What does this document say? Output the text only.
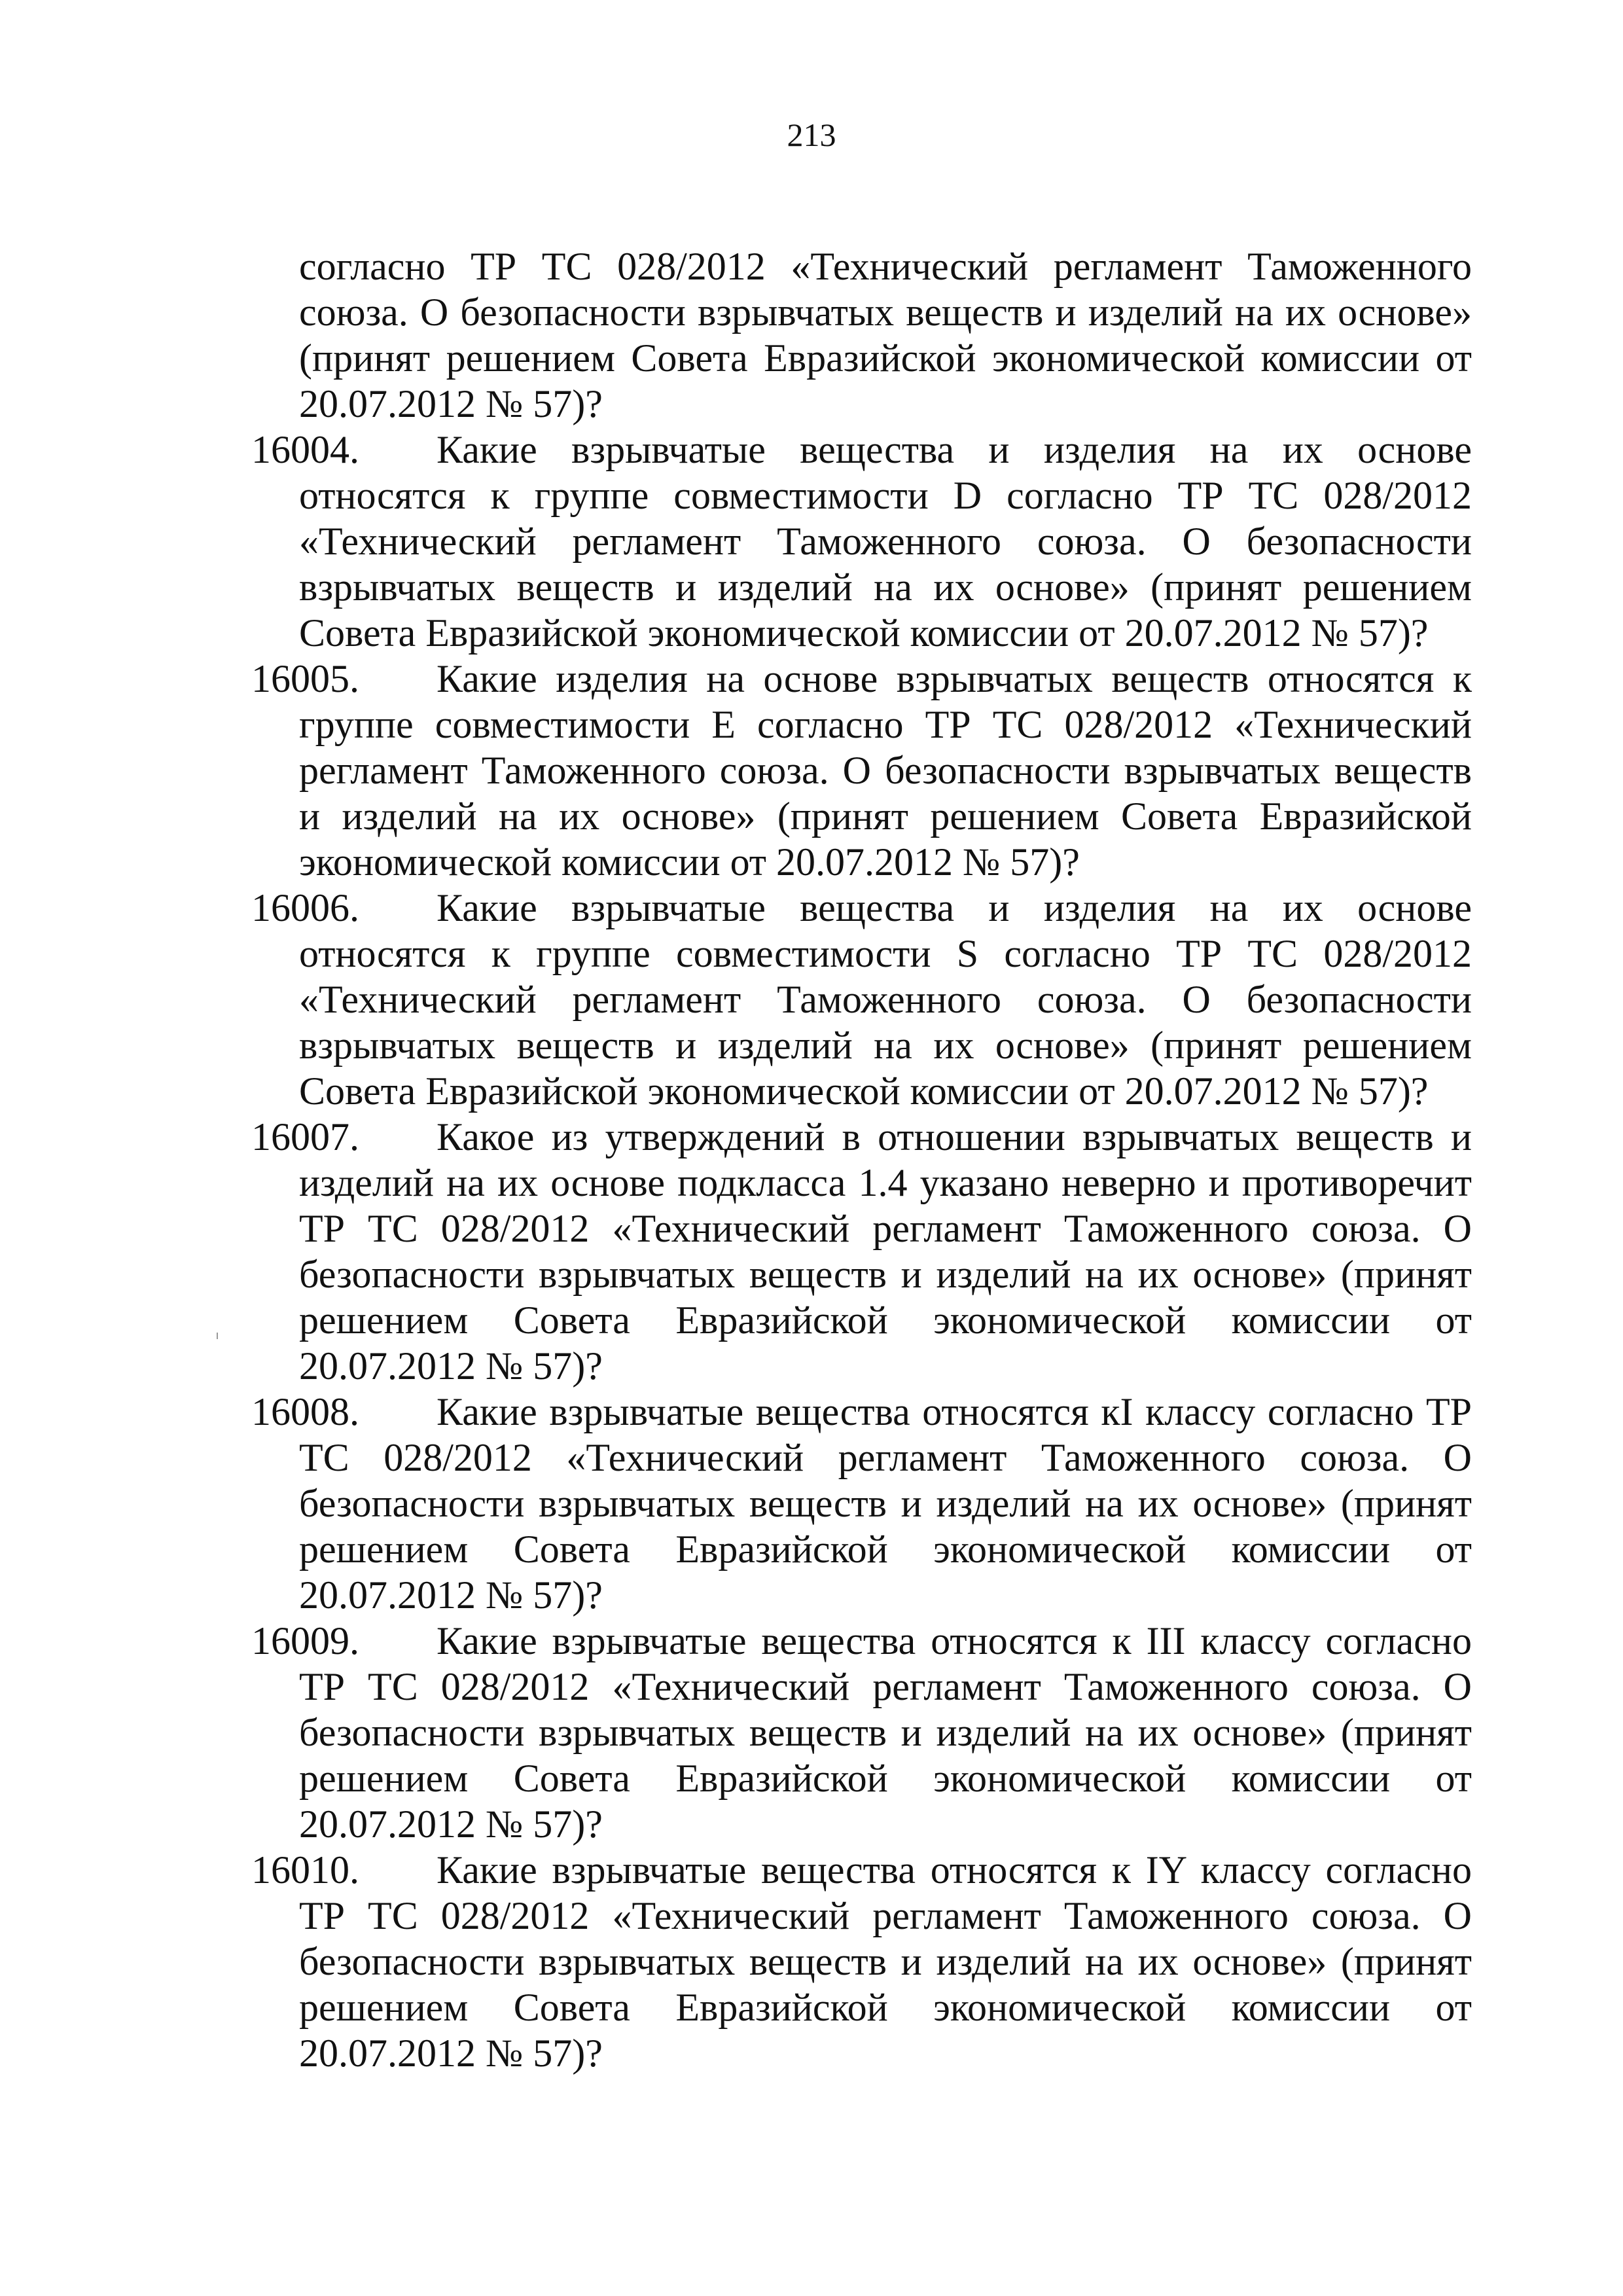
213
согласно ТР ТС 028/2012 «Технический регламент Таможенного союза. О безопасности взрывчатых веществ и изделий на их основе» (принят решением Совета Евразийской экономической комиссии от 20.07.2012 № 57)?
16004.	Какие взрывчатые вещества и изделия на их основе относятся к группе совместимости D согласно ТР ТС 028/2012 «Технический регламент Таможенного союза. О безопасности взрывчатых веществ и изделий на их основе» (принят решением Совета Евразийской экономической комиссии от 20.07.2012 № 57)?
16005.	Какие изделия на основе взрывчатых веществ относятся к группе совместимости Е согласно ТР ТС 028/2012 «Технический регламент Таможенного союза. О безопасности взрывчатых веществ и изделий на их основе» (принят решением Совета Евразийской экономической комиссии от 20.07.2012 № 57)?
16006.	Какие взрывчатые вещества и изделия на их основе относятся к группе совместимости S согласно ТР ТС 028/2012 «Технический регламент Таможенного союза. О безопасности взрывчатых веществ и изделий на их основе» (принят решением Совета Евразийской экономической комиссии от 20.07.2012 № 57)?
16007.	Какое из утверждений в отношении взрывчатых веществ и изделий на их основе подкласса 1.4 указано неверно и противоречит ТР ТС 028/2012 «Технический регламент Таможенного союза. О безопасности взрывчатых веществ и изделий на их основе» (принят решением Совета Евразийской экономической комиссии от 20.07.2012 № 57)?
16008.	Какие взрывчатые вещества относятся кI классу согласно ТР ТС 028/2012 «Технический регламент Таможенного союза. О безопасности взрывчатых веществ и изделий на их основе» (принят решением Совета Евразийской экономической комиссии от 20.07.2012 № 57)?
16009.	Какие взрывчатые вещества относятся к III классу согласно ТР ТС 028/2012 «Технический регламент Таможенного союза. О безопасности взрывчатых веществ и изделий на их основе» (принят решением Совета Евразийской экономической комиссии от 20.07.2012 № 57)?
16010.	Какие взрывчатые вещества относятся к IY классу согласно ТР ТС 028/2012 «Технический регламент Таможенного союза. О безопасности взрывчатых веществ и изделий на их основе» (принят решением Совета Евразийской экономической комиссии от 20.07.2012 № 57)?
